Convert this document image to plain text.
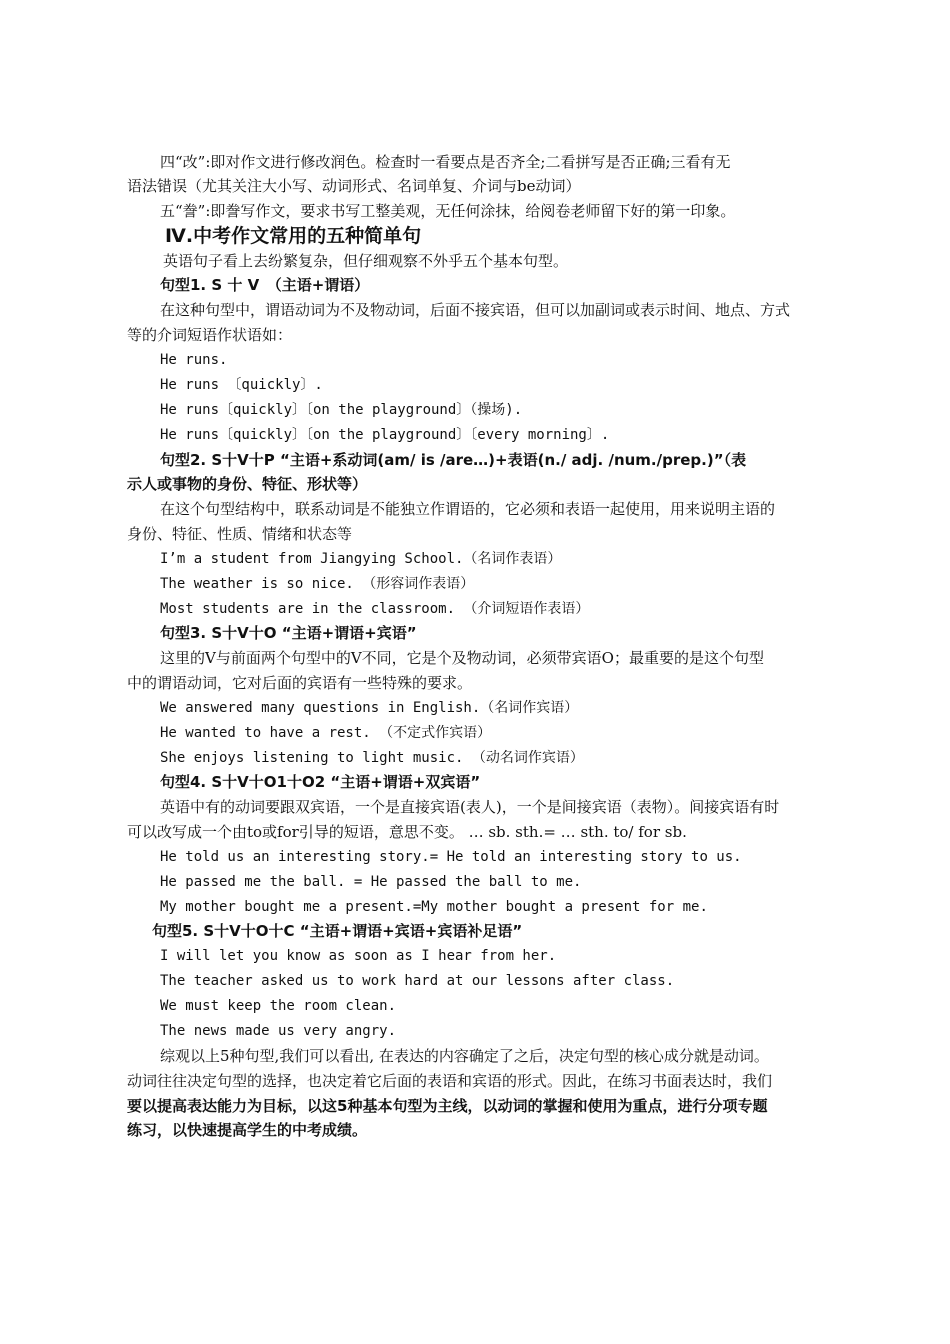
四“改”:即对作文进行修改润色。检查时一看要点是否齐全;二看拼写是否正确;三看有无
语法错误（尤其关注大小写、动词形式、名词单复、介词与be动词）
五“誊”:即誊写作文，要求书写工整美观，无任何涂抹，给阅卷老师留下好的第一印象。
Ⅳ.中考作文常用的五种简单句
英语句子看上去纷繁复杂，但仔细观察不外乎五个基本句型。
句型1. S 十 V　（主语+谓语）
在这种句型中，谓语动词为不及物动词，后面不接宾语，但可以加副词或表示时间、地点、方式
等的介词短语作状语如：
He runs.
He runs 〔quickly〕.
He runs〔quickly〕〔on the playground〕（操场).
He runs〔quickly〕〔on the playground〕〔every morning〕.
句型2. S十V十P “主语+系动词(am/ is /are…)+表语(n./ adj. /num./prep.)”（表
示人或事物的身份、特征、形状等）
在这个句型结构中，联系动词是不能独立作谓语的，它必须和表语一起使用，用来说明主语的
身份、特征、性质、情绪和状态等
I’m a student from Jiangying School.（名词作表语）
The weather is so nice. （形容词作表语）
Most students are in the classroom. （介词短语作表语）
句型3. S十V十O “主语+谓语+宾语”
这里的V与前面两个句型中的V不同，它是个及物动词，必须带宾语O；最重要的是这个句型
中的谓语动词，它对后面的宾语有一些特殊的要求。
We answered many questions in English.（名词作宾语）
He wanted to have a rest. （不定式作宾语）
She enjoys listening to light music. （动名词作宾语）
句型4. S十V十O1十O2 “主语+谓语+双宾语”
英语中有的动词要跟双宾语，一个是直接宾语(表人)，一个是间接宾语（表物）。间接宾语有时
可以改写成一个由to或for引导的短语，意思不变。 … sb. sth.= … sth. to/ for sb.
He told us an interesting story.= He told an interesting story to us.
He passed me the ball. = He passed the ball to me.
My mother bought me a present.=My mother bought a present for me.
句型5. S十V十O十C “主语+谓语+宾语+宾语补足语”
I will let you know as soon as I hear from her.
The teacher asked us to work hard at our lessons after class.
We must keep the room clean.
The news made us very angry.
综观以上5种句型,我们可以看出, 在表达的内容确定了之后，决定句型的核心成分就是动词。
动词往往决定句型的选择，也决定着它后面的表语和宾语的形式。因此，在练习书面表达时，我们
要以提高表达能力为目标，以这5种基本句型为主线，以动词的掌握和使用为重点，进行分项专题
练习，以快速提高学生的中考成绩。
